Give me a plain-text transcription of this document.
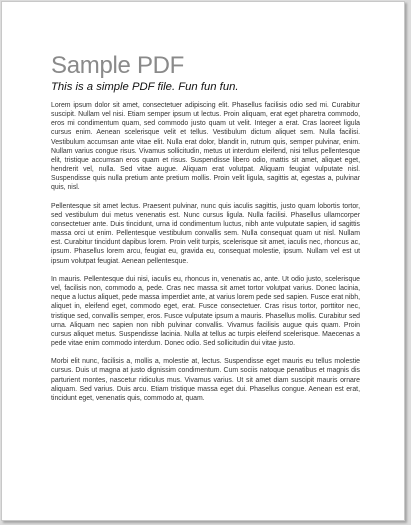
Sample PDF

This is a simple PDF file. Fun fun fun.

Lorem ipsum dolor sit amet, consectetuer adipiscing elit. Phasellus facilisis odio sed mi. Curabitur suscipit. Nullam vel nisi. Etiam semper ipsum ut lectus. Proin aliquam, erat eget pharetra commodo, eros mi condimentum quam, sed commodo justo quam ut velit. Integer a erat. Cras laoreet ligula cursus enim. Aenean scelerisque velit et tellus. Vestibulum dictum aliquet sem. Nulla facilisi. Vestibulum accumsan ante vitae elit. Nulla erat dolor, blandit in, rutrum quis, semper pulvinar, enim. Nullam varius congue risus. Vivamus sollicitudin, metus ut interdum eleifend, nisi tellus pellentesque elit, tristique accumsan eros quam et risus. Suspendisse libero odio, mattis sit amet, aliquet eget, hendrerit vel, nulla. Sed vitae augue. Aliquam erat volutpat. Aliquam feugiat vulputate nisl. Suspendisse quis nulla pretium ante pretium mollis. Proin velit ligula, sagittis at, egestas a, pulvinar quis, nisl.

Pellentesque sit amet lectus. Praesent pulvinar, nunc quis iaculis sagittis, justo quam lobortis tortor, sed vestibulum dui metus venenatis est. Nunc cursus ligula. Nulla facilisi. Phasellus ullamcorper consectetuer ante. Duis tincidunt, urna id condimentum luctus, nibh ante vulputate sapien, id sagittis massa orci ut enim. Pellentesque vestibulum convallis sem. Nulla consequat quam ut nisl. Nullam est. Curabitur tincidunt dapibus lorem. Proin velit turpis, scelerisque sit amet, iaculis nec, rhoncus ac, ipsum. Phasellus lorem arcu, feugiat eu, gravida eu, consequat molestie, ipsum. Nullam vel est ut ipsum volutpat feugiat. Aenean pellentesque.

In mauris. Pellentesque dui nisi, iaculis eu, rhoncus in, venenatis ac, ante. Ut odio justo, scelerisque vel, facilisis non, commodo a, pede. Cras nec massa sit amet tortor volutpat varius. Donec lacinia, neque a luctus aliquet, pede massa imperdiet ante, at varius lorem pede sed sapien. Fusce erat nibh, aliquet in, eleifend eget, commodo eget, erat. Fusce consectetuer. Cras risus tortor, porttitor nec, tristique sed, convallis semper, eros. Fusce vulputate ipsum a mauris. Phasellus mollis. Curabitur sed urna. Aliquam nec sapien non nibh pulvinar convallis. Vivamus facilisis augue quis quam. Proin cursus aliquet metus. Suspendisse lacinia. Nulla at tellus ac turpis eleifend scelerisque. Maecenas a pede vitae enim commodo interdum. Donec odio. Sed sollicitudin dui vitae justo.

Morbi elit nunc, facilisis a, mollis a, molestie at, lectus. Suspendisse eget mauris eu tellus molestie cursus. Duis ut magna at justo dignissim condimentum. Cum sociis natoque penatibus et magnis dis parturient montes, nascetur ridiculus mus. Vivamus varius. Ut sit amet diam suscipit mauris ornare aliquam. Sed varius. Duis arcu. Etiam tristique massa eget dui. Phasellus congue. Aenean est erat, tincidunt eget, venenatis quis, commodo at, quam.
